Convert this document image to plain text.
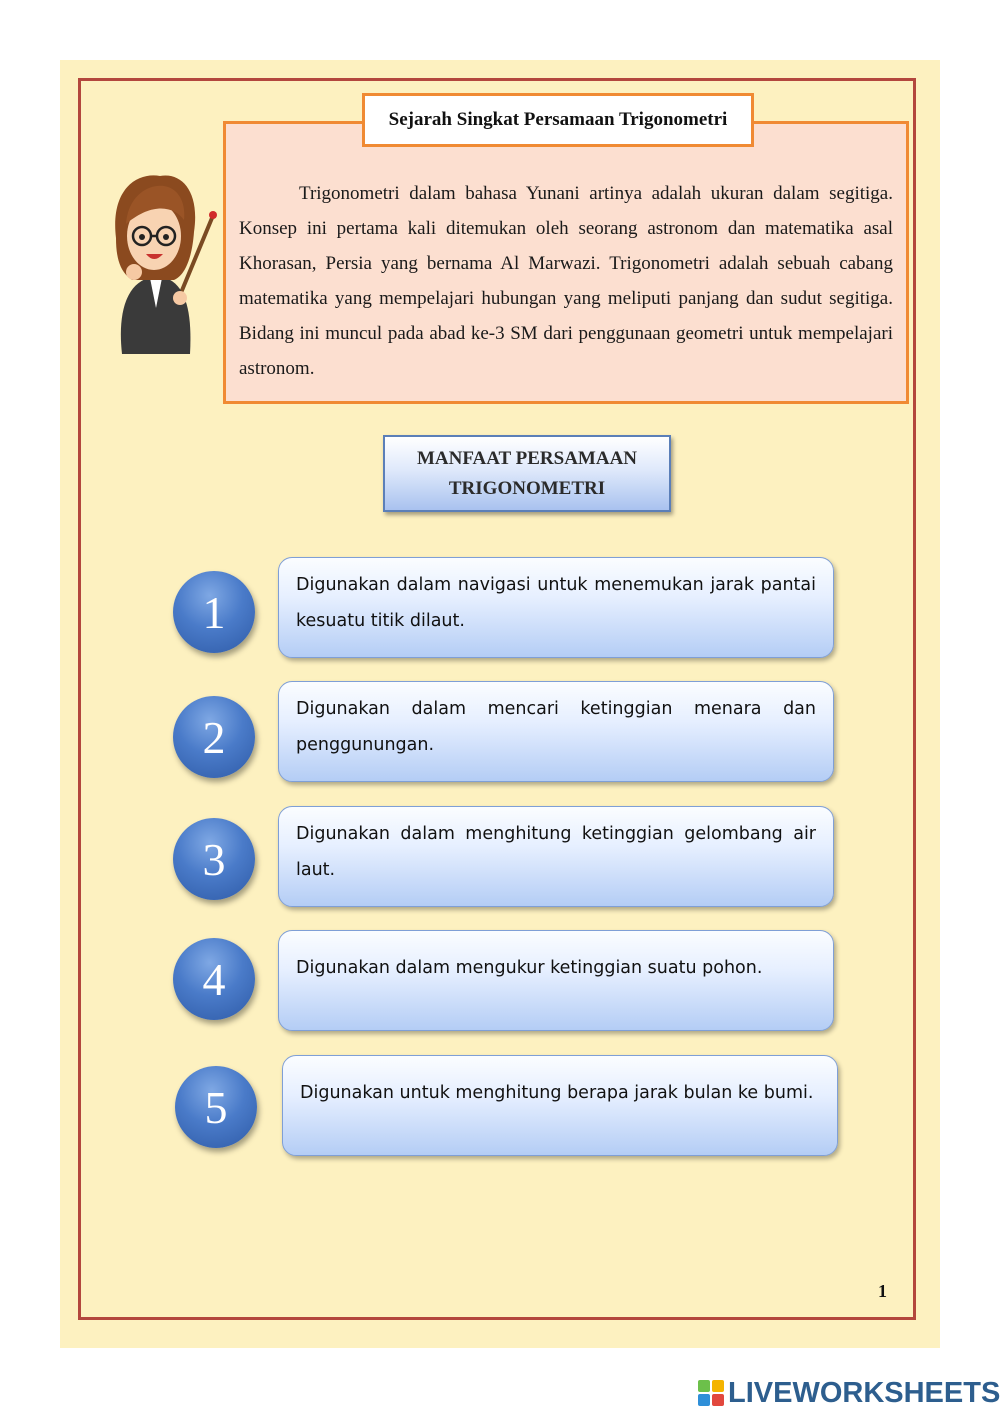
Sejarah Singkat Persamaan Trigonometri

Trigonometri dalam bahasa Yunani artinya adalah ukuran dalam segitiga. Konsep ini pertama kali ditemukan oleh seorang astronom dan matematika asal Khorasan, Persia yang bernama Al Marwazi. Trigonometri adalah sebuah cabang matematika yang mempelajari hubungan yang meliputi panjang dan sudut segitiga. Bidang ini muncul pada abad ke-3 SM dari penggunaan geometri untuk mempelajari astronom.

MANFAAT PERSAMAAN TRIGONOMETRI
1

Digunakan dalam navigasi untuk menemukan jarak pantai kesuatu titik dilaut.

2

Digunakan dalam mencari ketinggian menara dan penggunungan.

3	Digunakan dalam menghitung ketinggian gelombang air laut.

4	Digunakan dalam mengukur ketinggian suatu pohon.

5	Digunakan untuk menghitung berapa jarak bulan ke bumi.

1
LIVEWORKSHEETS
